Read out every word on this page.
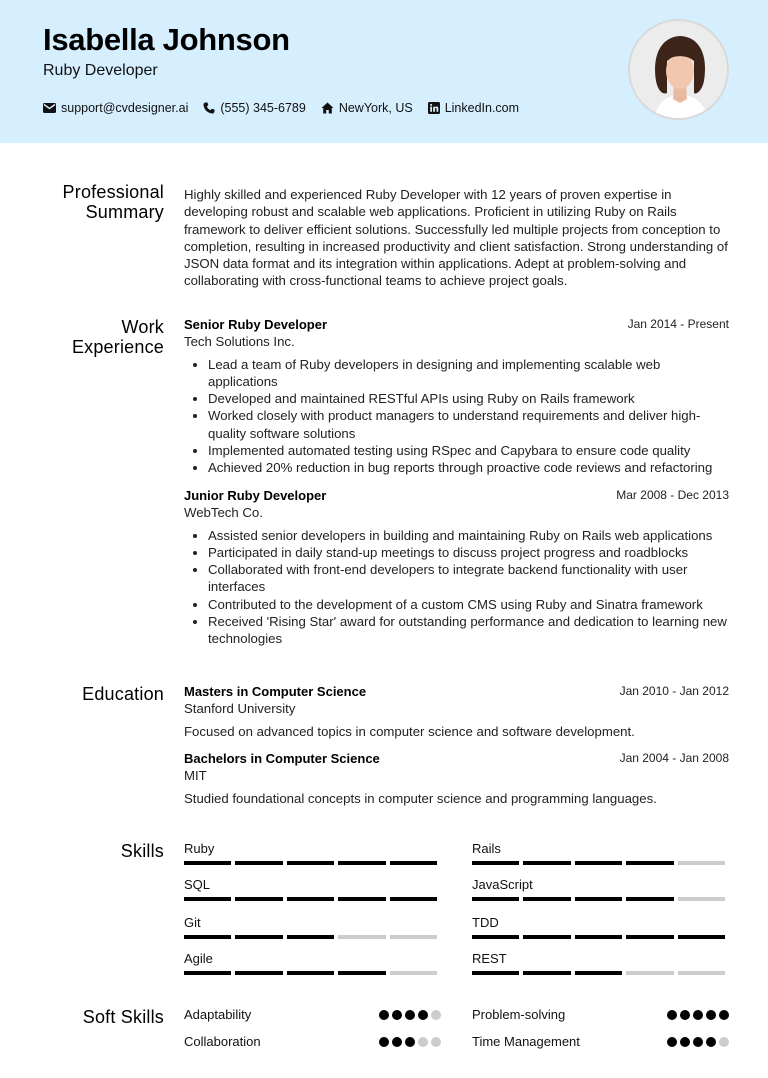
Isabella Johnson
Ruby Developer
support@cvdesigner.ai	(555) 345-6789	NewYork, US	LinkedIn.com
Professional Summary
Highly skilled and experienced Ruby Developer with 12 years of proven expertise in developing robust and scalable web applications. Proficient in utilizing Ruby on Rails framework to deliver efficient solutions. Successfully led multiple projects from conception to completion, resulting in increased productivity and client satisfaction. Strong understanding of JSON data format and its integration within applications. Adept at problem-solving and collaborating with cross-functional teams to achieve project goals.
Work Experience
Senior Ruby Developer	Jan 2014 - Present
Tech Solutions Inc.
Lead a team of Ruby developers in designing and implementing scalable web applications
Developed and maintained RESTful APIs using Ruby on Rails framework
Worked closely with product managers to understand requirements and deliver high-quality software solutions
Implemented automated testing using RSpec and Capybara to ensure code quality
Achieved 20% reduction in bug reports through proactive code reviews and refactoring
Junior Ruby Developer	Mar 2008 - Dec 2013
WebTech Co.
Assisted senior developers in building and maintaining Ruby on Rails web applications
Participated in daily stand-up meetings to discuss project progress and roadblocks
Collaborated with front-end developers to integrate backend functionality with user interfaces
Contributed to the development of a custom CMS using Ruby and Sinatra framework
Received 'Rising Star' award for outstanding performance and dedication to learning new technologies
Education Masters in Computer Science	Jan 2010 - Jan 2012
Stanford University
Focused on advanced topics in computer science and software development.
Bachelors in Computer Science	Jan 2004 - Jan 2008
MIT
Studied foundational concepts in computer science and programming languages.
Skills Ruby	Rails
SQL	JavaScript
Git	TDD
Agile	REST
Soft Skills Adaptability	Problem-solving
Collaboration	Time Management
